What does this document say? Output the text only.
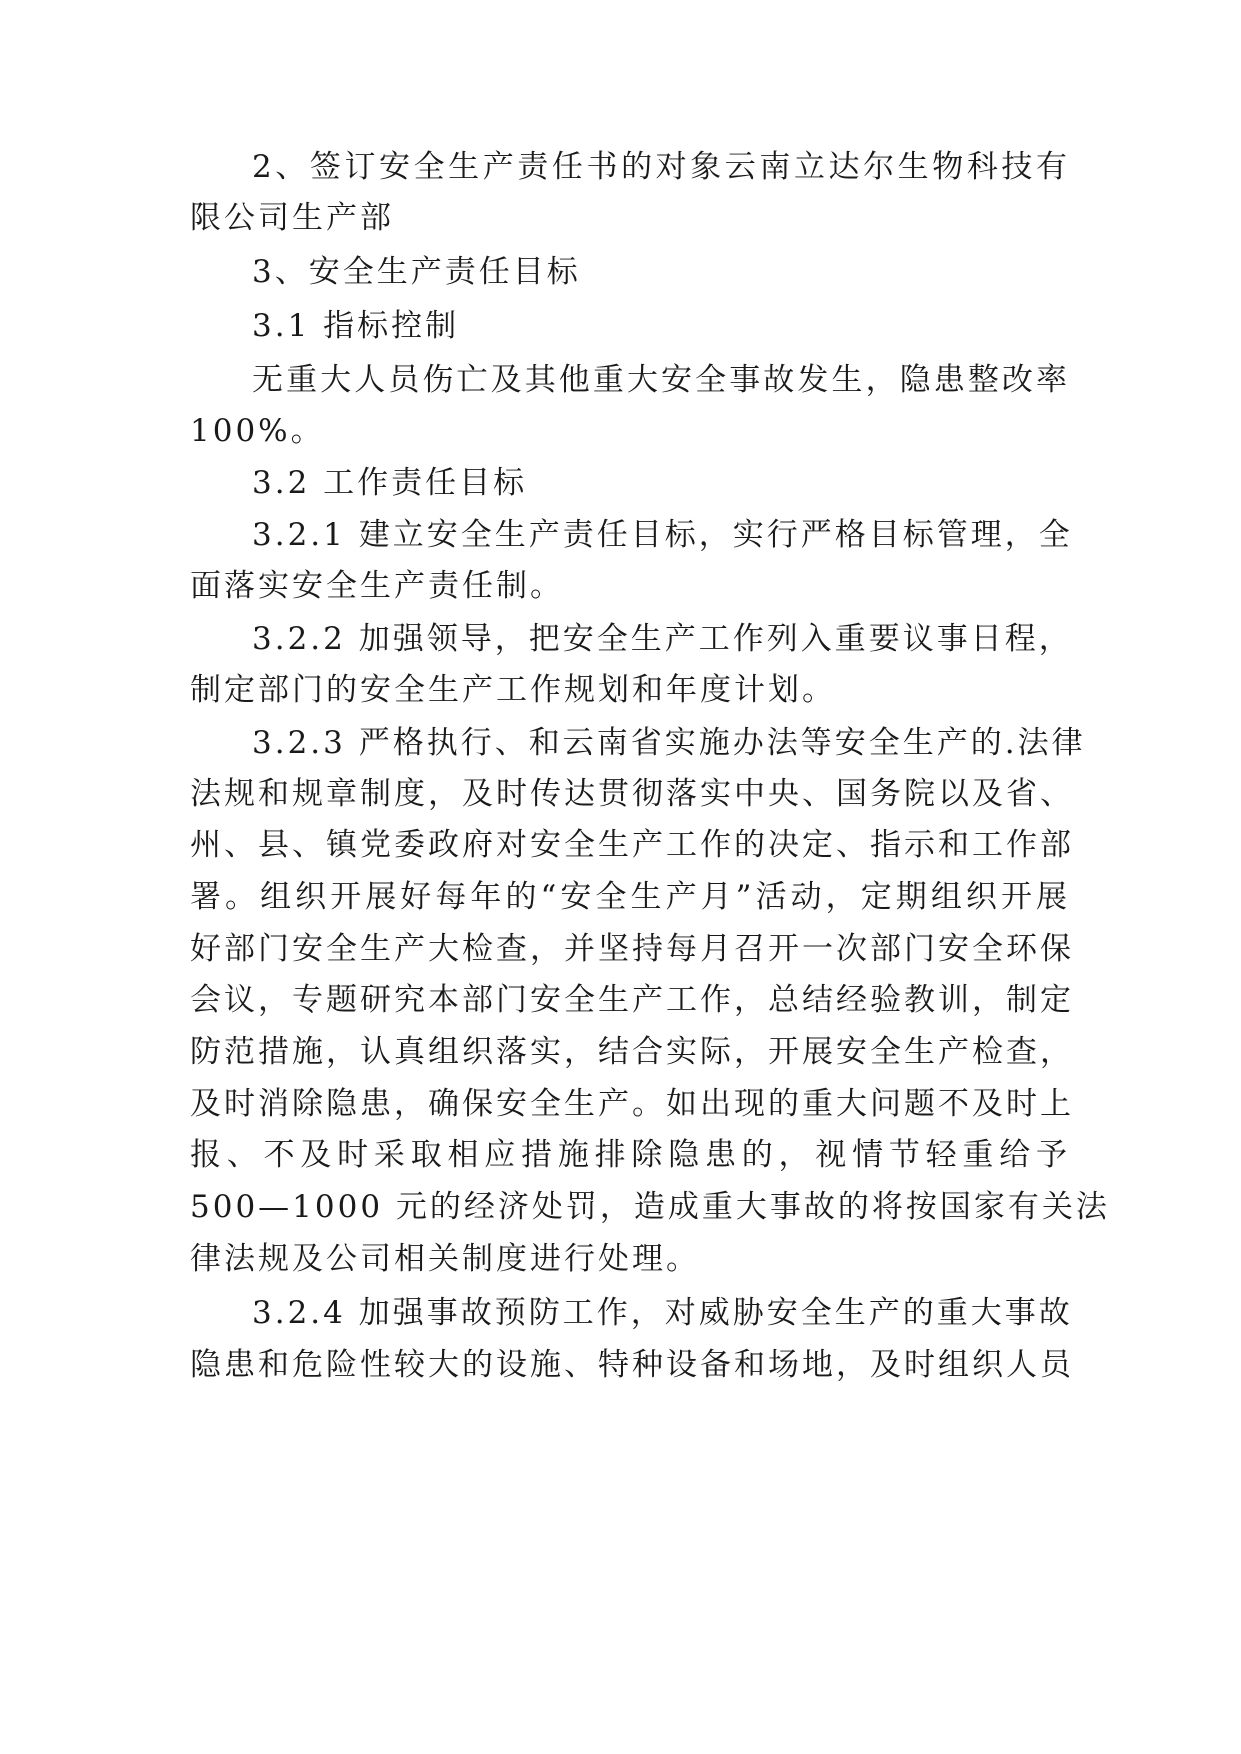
2、签订安全生产责任书的对象云南立达尔生物科技有
限公司生产部
3、安全生产责任目标
3.1 指标控制
无重大人员伤亡及其他重大安全事故发生，隐患整改率
100%。
3.2 工作责任目标
3.2.1 建立安全生产责任目标，实行严格目标管理，全
面落实安全生产责任制。
3.2.2 加强领导，把安全生产工作列入重要议事日程，
制定部门的安全生产工作规划和年度计划。
3.2.3 严格执行、和云南省实施办法等安全生产的.法律
法规和规章制度，及时传达贯彻落实中央、国务院以及省、
州、县、镇党委政府对安全生产工作的决定、指示和工作部
署。组织开展好每年的“安全生产月”活动，定期组织开展
好部门安全生产大检查，并坚持每月召开一次部门安全环保
会议，专题研究本部门安全生产工作，总结经验教训，制定
防范措施，认真组织落实，结合实际，开展安全生产检查，
及时消除隐患，确保安全生产。如出现的重大问题不及时上
报、不及时采取相应措施排除隐患的，视情节轻重给予
500—1000 元的经济处罚，造成重大事故的将按国家有关法
律法规及公司相关制度进行处理。
3.2.4 加强事故预防工作，对威胁安全生产的重大事故
隐患和危险性较大的设施、特种设备和场地，及时组织人员
